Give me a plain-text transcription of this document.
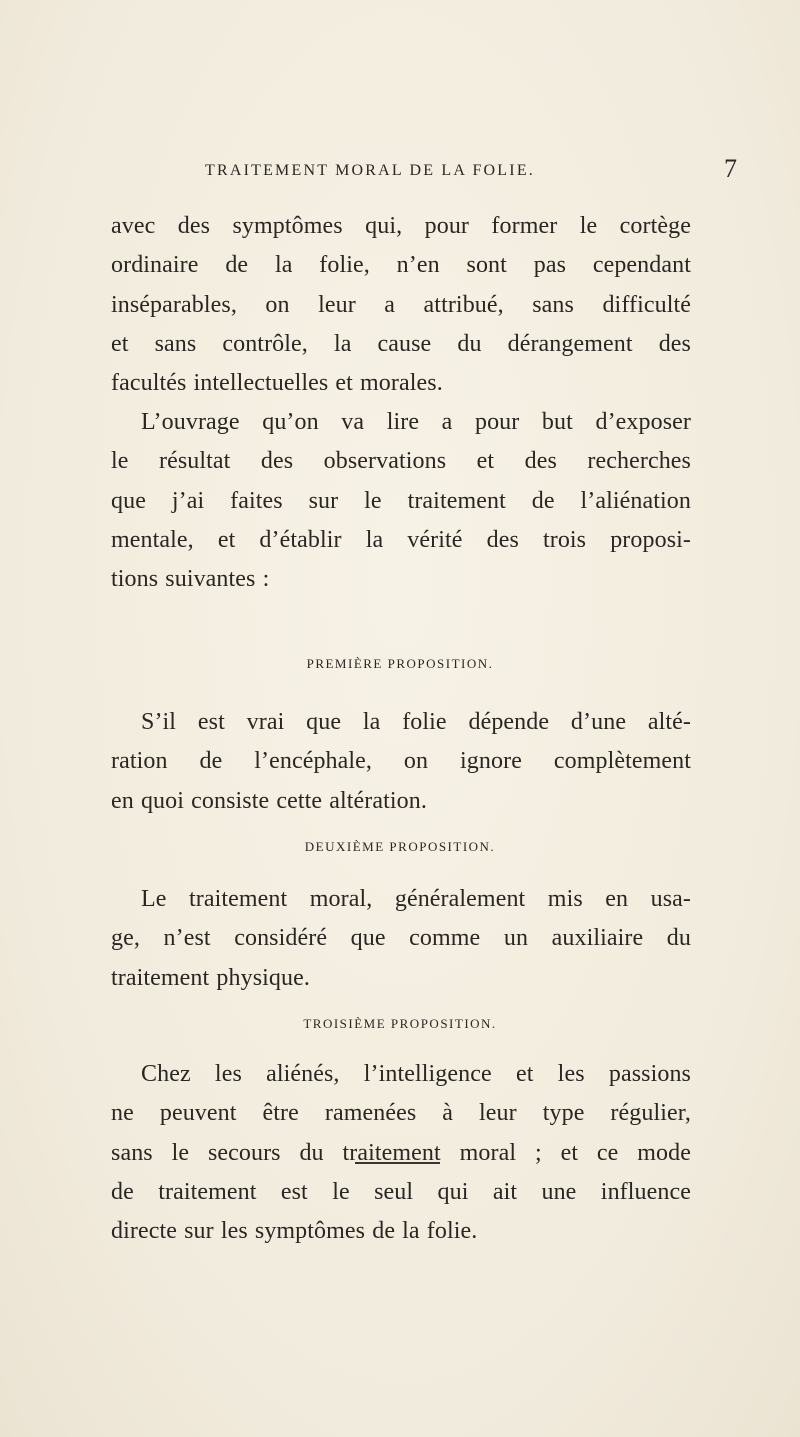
TRAITEMENT MORAL DE LA FOLIE.	7
avec des symptômes qui, pour former le cortège
ordinaire de la folie, n’en sont pas cependant
inséparables, on leur a attribué, sans difficulté
et sans contrôle, la cause du dérangement des
facultés intellectuelles et morales.
L’ouvrage qu’on va lire a pour but d’exposer
le résultat des observations et des recherches
que j’ai faites sur le traitement de l’aliénation
mentale, et d’établir la vérité des trois proposi-
tions suivantes :
PREMIÈRE PROPOSITION.
S’il est vrai que la folie dépende d’une alté-
ration de l’encéphale, on ignore complètement
en quoi consiste cette altération.
DEUXIÈME PROPOSITION.
Le traitement moral, généralement mis en usa-
ge, n’est considéré que comme un auxiliaire du
traitement physique.
TROISIÈME PROPOSITION.
Chez les aliénés, l’intelligence et les passions
ne peuvent être ramenées à leur type régulier,
sans le secours du traitement moral ; et ce mode
de traitement est le seul qui ait une influence
directe sur les symptômes de la folie.
